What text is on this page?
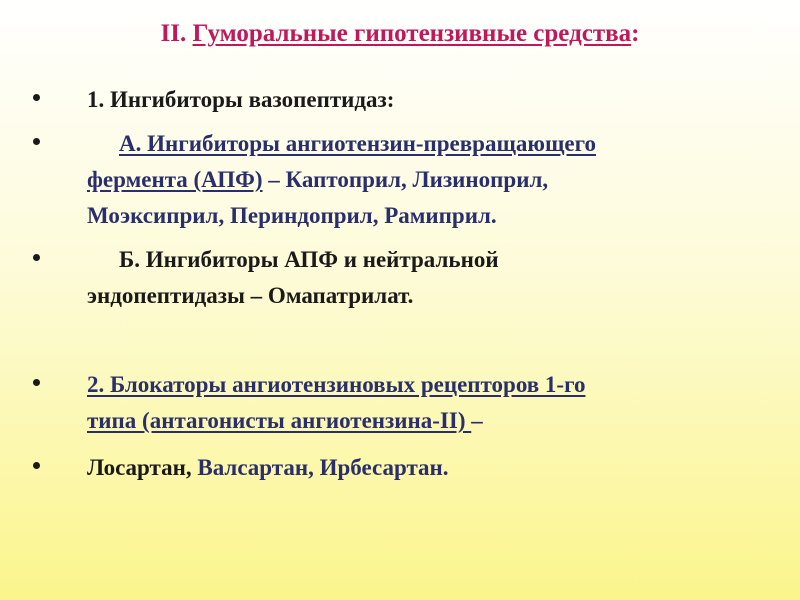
II. Гуморальные гипотензивные средства:
1. Ингибиторы вазопептидаз:
А. Ингибиторы ангиотензин-превращающего
фермента (АПФ) – Каптоприл, Лизиноприл,
Моэксиприл, Периндоприл, Рамиприл.
Б. Ингибиторы АПФ и нейтральной
эндопептидазы – Омапатрилат.
2. Блокаторы ангиотензиновых рецепторов 1-го
типа (антагонисты ангиотензина-II) –
Лосартан, Валсартан, Ирбесартан.
